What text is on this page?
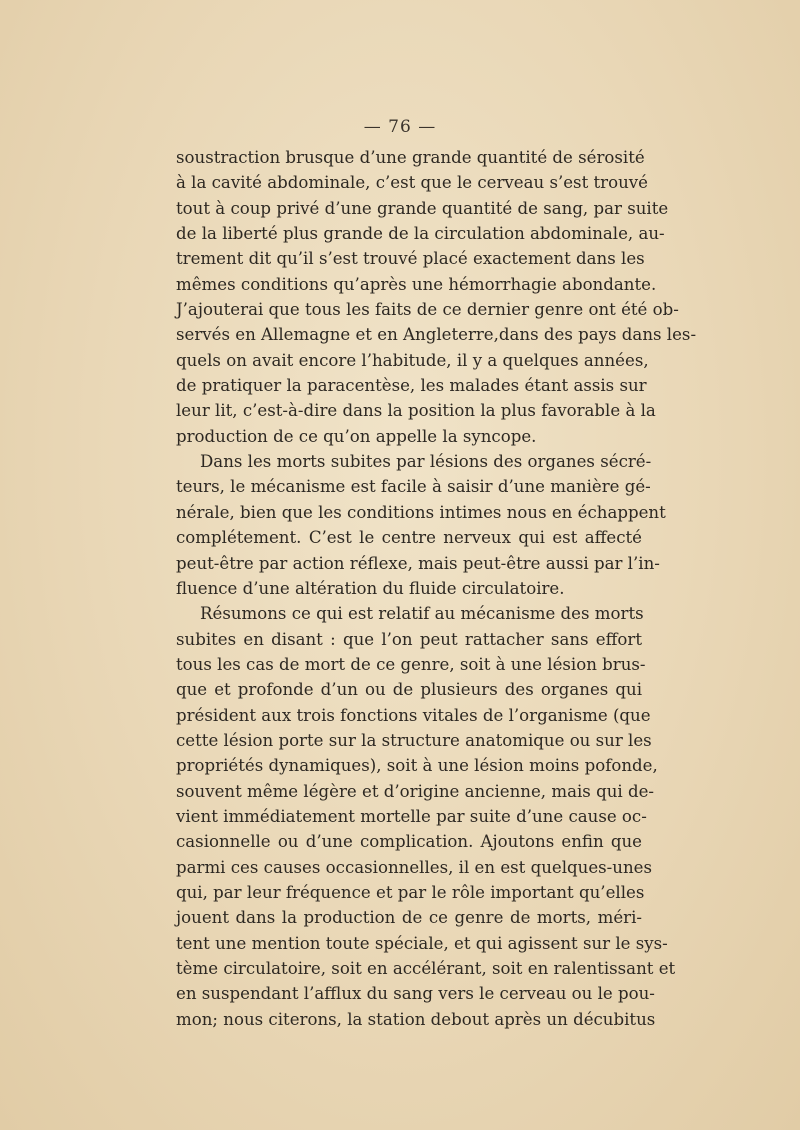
— 76 —
soustraction brusque d’une grande quantité de sérosité
à la cavité abdominale, c’est que le cerveau s’est trouvé
tout à coup privé d’une grande quantité de sang, par suite
de la liberté plus grande de la circulation abdominale, au-
trement dit qu’il s’est trouvé placé exactement dans les
mêmes conditions qu’après une hémorrhagie abondante.
J’ajouterai que tous les faits de ce dernier genre ont été ob-
servés en Allemagne et en Angleterre,dans des pays dans les-
quels on avait encore l’habitude, il y a quelques années,
de pratiquer la paracentèse, les malades étant assis sur
leur lit, c’est-à-dire dans la position la plus favorable à la
production de ce qu’on appelle la syncope.
Dans les morts subites par lésions des organes sécré-
teurs, le mécanisme est facile à saisir d’une manière gé-
nérale, bien que les conditions intimes nous en échappent
complétement. C’est le centre nerveux qui est affecté
peut-être par action réflexe, mais peut-être aussi par l’in-
fluence d’une altération du fluide circulatoire.
Résumons ce qui est relatif au mécanisme des morts
subites en disant : que l’on peut rattacher sans effort
tous les cas de mort de ce genre, soit à une lésion brus-
que et profonde d’un ou de plusieurs des organes qui
président aux trois fonctions vitales de l’organisme (que
cette lésion porte sur la structure anatomique ou sur les
propriétés dynamiques), soit à une lésion moins pofonde,
souvent même légère et d’origine ancienne, mais qui de-
vient immédiatement mortelle par suite d’une cause oc-
casionnelle ou d’une complication. Ajoutons enfin que
parmi ces causes occasionnelles, il en est quelques-unes
qui, par leur fréquence et par le rôle important qu’elles
jouent dans la production de ce genre de morts, méri-
tent une mention toute spéciale, et qui agissent sur le sys-
tème circulatoire, soit en accélérant, soit en ralentissant et
en suspendant l’afflux du sang vers le cerveau ou le pou-
mon; nous citerons, la station debout après un décubitus
